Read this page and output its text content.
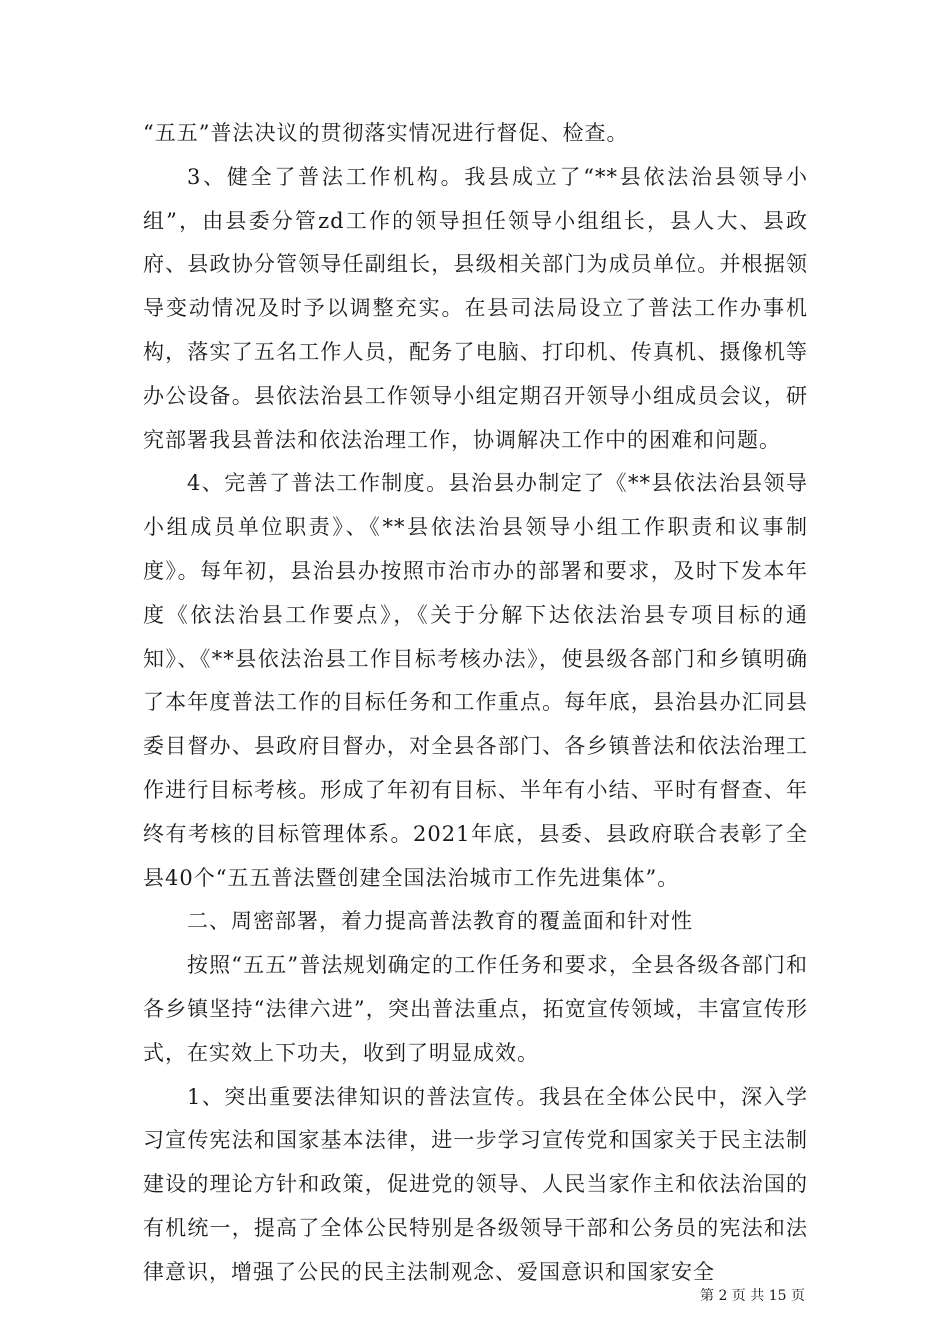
“五五”普法决议的贯彻落实情况进行督促、检查。

3、健全了普法工作机构。我县成立了“**县依法治县领导小组”，由县委分管zd工作的领导担任领导小组组长，县人大、县政府、县政协分管领导任副组长，县级相关部门为成员单位。并根据领导变动情况及时予以调整充实。在县司法局设立了普法工作办事机构，落实了五名工作人员，配务了电脑、打印机、传真机、摄像机等办公设备。县依法治县工作领导小组定期召开领导小组成员会议，研究部署我县普法和依法治理工作，协调解决工作中的困难和问题。

4、完善了普法工作制度。县治县办制定了《**县依法治县领导小组成员单位职责》、《**县依法治县领导小组工作职责和议事制度》。每年初，县治县办按照市治市办的部署和要求，及时下发本年度《依法治县工作要点》，《关于分解下达依法治县专项目标的通知》、《**县依法治县工作目标考核办法》，使县级各部门和乡镇明确了本年度普法工作的目标任务和工作重点。每年底，县治县办汇同县委目督办、县政府目督办，对全县各部门、各乡镇普法和依法治理工作进行目标考核。形成了年初有目标、半年有小结、平时有督查、年终有考核的目标管理体系。2021年底，县委、县政府联合表彰了全县40个“五五普法暨创建全国法治城市工作先进集体”。

二、周密部署，着力提高普法教育的覆盖面和针对性

按照“五五”普法规划确定的工作任务和要求，全县各级各部门和各乡镇坚持“法律六进”，突出普法重点，拓宽宣传领域，丰富宣传形式，在实效上下功夫，收到了明显成效。

1、突出重要法律知识的普法宣传。我县在全体公民中，深入学习宣传宪法和国家基本法律，进一步学习宣传党和国家关于民主法制建设的理论方针和政策，促进党的领导、人民当家作主和依法治国的有机统一，提高了全体公民特别是各级领导干部和公务员的宪法和法律意识，增强了公民的民主法制观念、爱国意识和国家安全

第 2 页 共 15 页
